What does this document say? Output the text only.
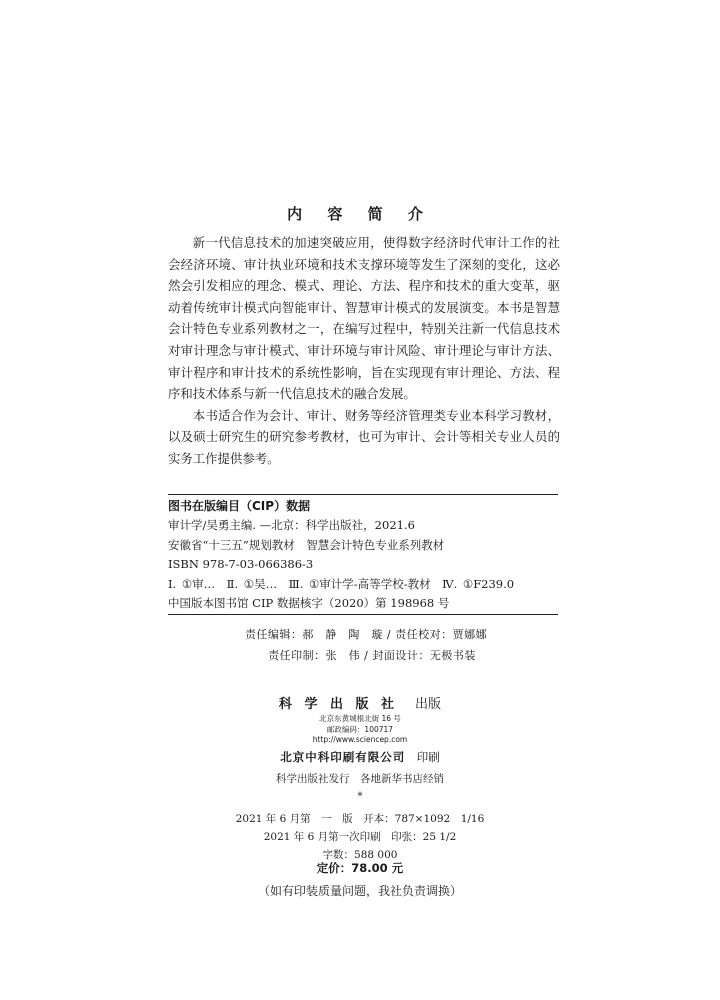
内 容 简 介

新一代信息技术的加速突破应用，使得数字经济时代审计工作的社会经济环境、审计执业环境和技术支撑环境等发生了深刻的变化，这必然会引发相应的理念、模式、理论、方法、程序和技术的重大变革，驱动着传统审计模式向智能审计、智慧审计模式的发展演变。本书是智慧会计特色专业系列教材之一，在编写过程中，特别关注新一代信息技术对审计理念与审计模式、审计环境与审计风险、审计理论与审计方法、审计程序和审计技术的系统性影响，旨在实现现有审计理论、方法、程序和技术体系与新一代信息技术的融合发展。

本书适合作为会计、审计、财务等经济管理类专业本科学习教材，以及硕士研究生的研究参考教材，也可为审计、会计等相关专业人员的实务工作提供参考。

图书在版编目（CIP）数据
审计学/吴勇主编. —北京：科学出版社，2021.6
安徽省“十三五”规划教材　智慧会计特色专业系列教材
ISBN 978-7-03-066386-3
Ⅰ. ①审…　Ⅱ. ①吴…　Ⅲ. ①审计学-高等学校-教材　Ⅳ. ①F239.0
中国版本图书馆 CIP 数据核字（2020）第 198968 号
责任编辑：郝　静　陶　璇 / 责任校对：贾娜娜
责任印制：张　伟 / 封面设计：无极书装
科 学 出 版 社　 出版
北京东黄城根北街 16 号
邮政编码：100717
http://www.sciencep.com
北京中科印刷有限公司　 印刷
科学出版社发行　各地新华书店经销
*
2021 年 6 月第　一　版　开本：787×1092　1/16
2021 年 6 月第一次印刷　印张：25 1/2
字数：588 000
定价：78.00 元
（如有印装质量问题，我社负责调换）
